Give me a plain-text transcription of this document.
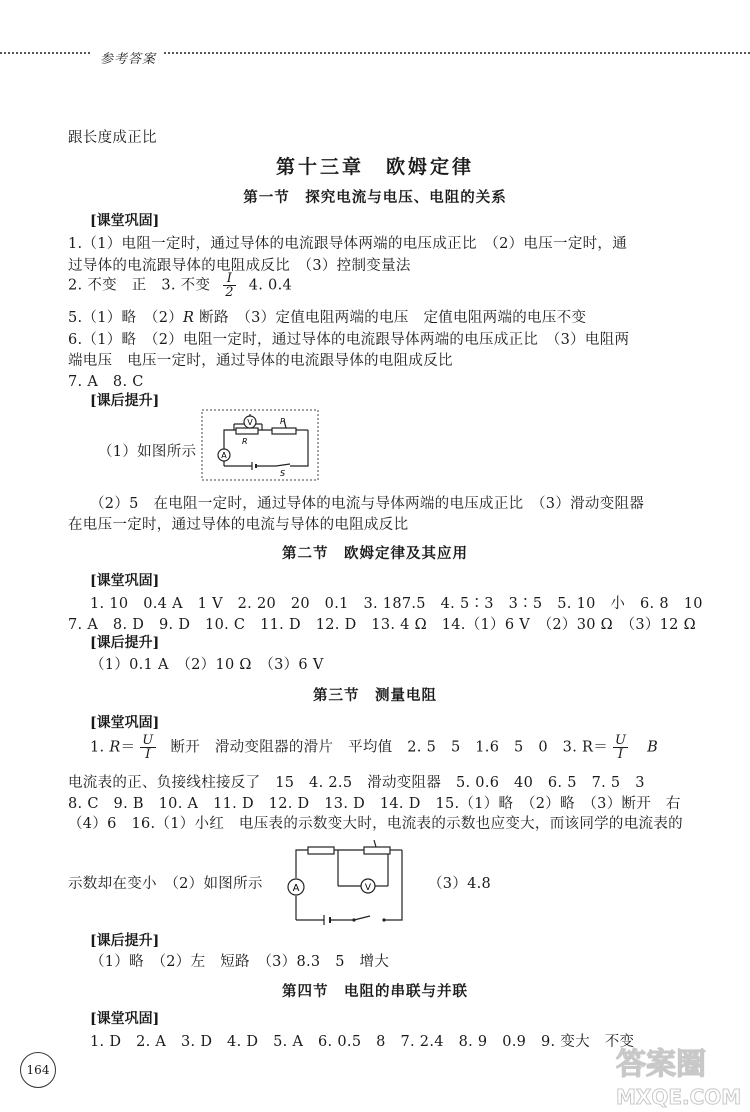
参考答案
跟长度成正比
第十三章　欧姆定律
第一节　探究电流与电压、电阻的关系
[课堂巩固]
1.（1）电阻一定时，通过导体的电流跟导体两端的电压成正比　（2）电压一定时，通
过导体的电流跟导体的电阻成反比　（3）控制变量法
2. 不变　正　3. 不变 $\frac{I}{2} 4$. 0.4
5.（1）略　（2）R 断路　（3）定值电阻两端的电压　定值电阻两端的电压不变
6.（1）略　（2）电阻一定时，通过导体的电流跟导体两端的电压成正比　（3）电阻两
端电压　电压一定时，通过导体的电流跟导体的电阻成反比
7. A　8. C
[课后提升]
（1）如图所示
V
A
R
P
S
（2）5　在电阻一定时，通过导体的电流与导体两端的电压成正比　（3）滑动变阻器
在电压一定时，通过导体的电流与导体的电阻成反比
第二节　欧姆定律及其应用
[课堂巩固]
1. 10　0.4 A　1 V　2. 20　20　0.1　3. 187.5　4. 5∶3　3∶5　5. 10　小　6. 8　10
7. A　8. D　9. D　10. C　11. D　12. D　13. 4 Ω　14.（1）6 V　（2）30 Ω　（3）12 Ω
[课后提升]
（1）0.1 A　（2）10 Ω　（3）6 V
第三节　测量电阻
[课堂巩固]
1. $R= \frac{U}{I}$ 断开　滑动变阻器的滑片　平均值　2. 5　5　1.6　5　0　3. $R= \frac{U}{I}$ B
电流表的正、负接线柱接反了　15　4. 2.5　滑动变阻器　5. 0.6　40　6. 5　7. 5　3
8. C　9. B　10. A　11. D　12. D　13. D　14. D　15.（1）略　（2）略　（3）断开　右
（4）6　16.（1）小红　电压表的示数变大时，电流表的示数也应变大，而该同学的电流表的
示数却在变小　（2）如图所示	（3）4.8
A	V
[课后提升]
（1）略　（2）左　短路　（3）8.3　5　增大
第四节　电阻的串联与并联
[课堂巩固]
1. D　2. A　3. D　4. D　5. A　6. 0.5　8　7. 2.4　8. 9　0.9　9. 变大　不变
164	答案圈
MXQE.COM
